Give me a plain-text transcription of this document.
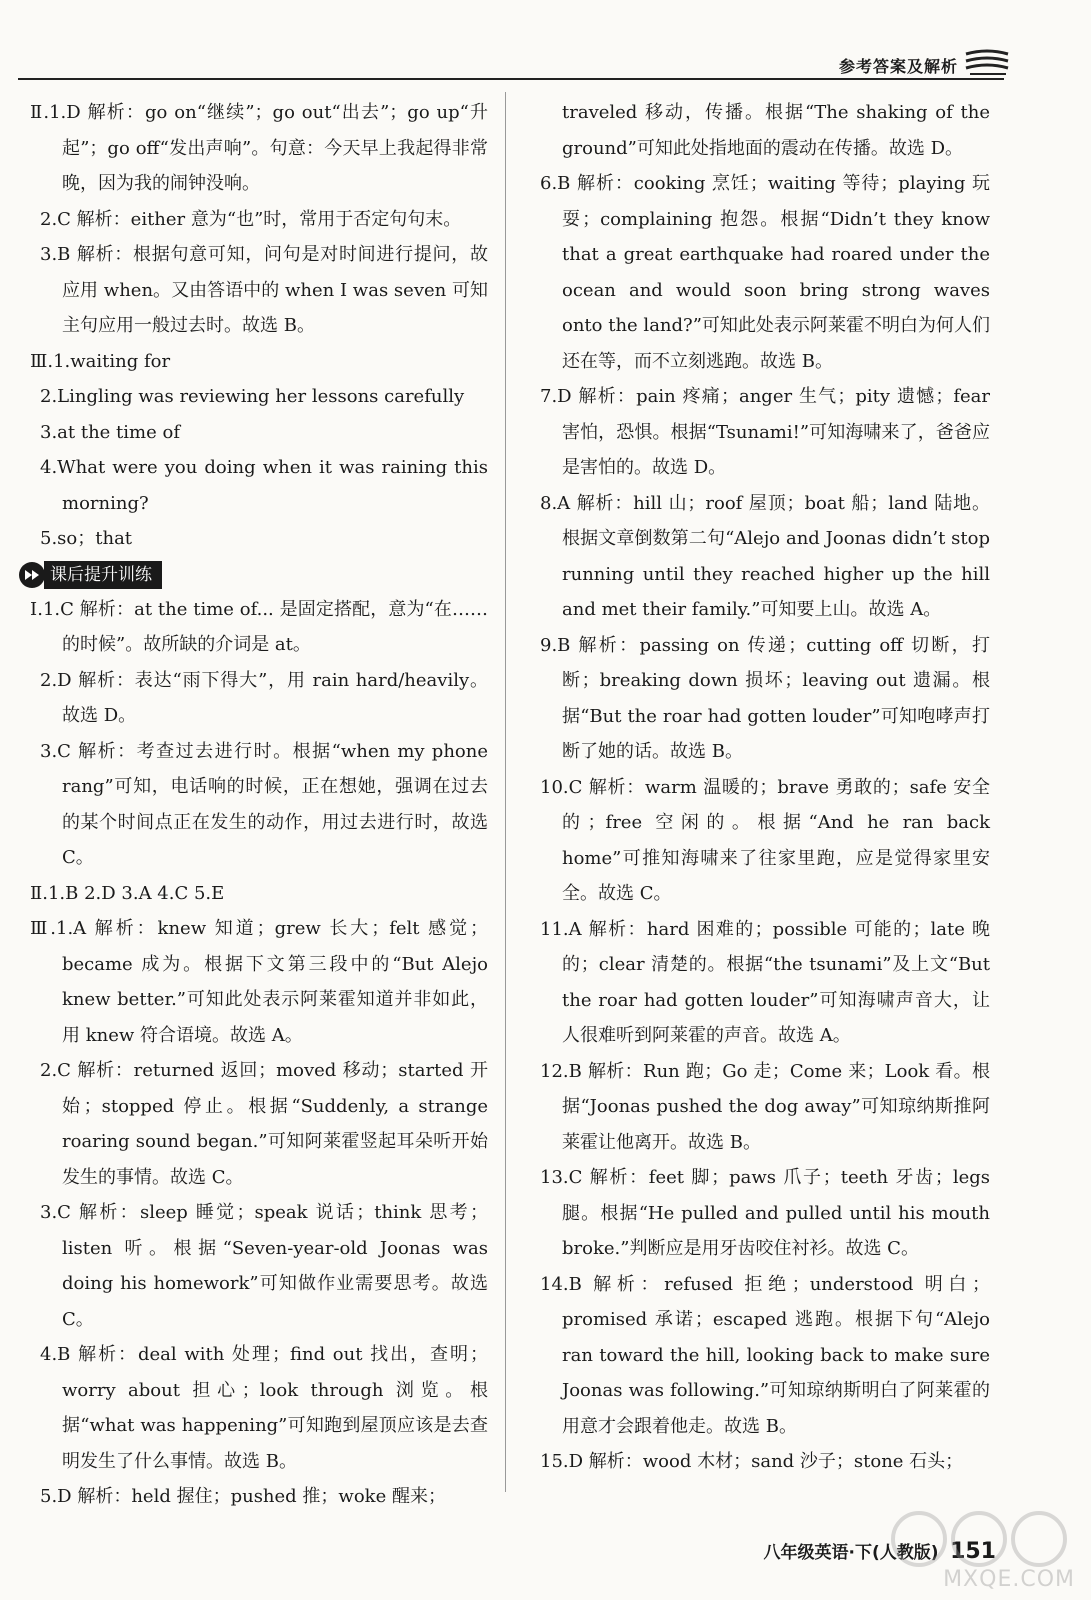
参考答案及解析

Ⅱ.1.D 解析：go on“继续”；go out“出去”；go up“升起”；go off“发出声响”。句意：今天早上我起得非常晚，因为我的闹钟没响。

2.C 解析：either 意为“也”时，常用于否定句句末。

3.B 解析：根据句意可知，问句是对时间进行提问，故应用 when。又由答语中的 when I was seven 可知主句应用一般过去时。故选 B。

Ⅲ.1.waiting for

2.Lingling was reviewing her lessons carefully

3.at the time of

4.What were you doing when it was raining this morning?

5.so；that

课后提升训练

Ⅰ.1.C 解析：at the time of... 是固定搭配，意为“在……的时候”。故所缺的介词是 at。

2.D 解析：表达“雨下得大”，用 rain hard/heavily。故选 D。

3.C 解析：考查过去进行时。根据“when my phone rang”可知，电话响的时候，正在想她，强调在过去的某个时间点正在发生的动作，用过去进行时，故选 C。

Ⅱ.1.B 2.D 3.A 4.C 5.E

Ⅲ.1.A 解析：knew 知道；grew 长大；felt 感觉；became 成为。根据下文第三段中的“But Alejo knew better.”可知此处表示阿莱霍知道并非如此，用 knew 符合语境。故选 A。

2.C 解析：returned 返回；moved 移动；started 开始；stopped 停止。根据“Suddenly, a strange roaring sound began.”可知阿莱霍竖起耳朵听开始发生的事情。故选 C。

3.C 解析：sleep 睡觉；speak 说话；think 思考；listen 听。根据“Seven-year-old Joonas was doing his homework”可知做作业需要思考。故选 C。

4.B 解析：deal with 处理；find out 找出，查明；worry about 担心；look through 浏览。根据“what was happening”可知跑到屋顶应该是去查明发生了什么事情。故选 B。

5.D 解析：held 握住；pushed 推；woke 醒来；

traveled 移动，传播。根据“The shaking of the ground”可知此处指地面的震动在传播。故选 D。

6.B 解析：cooking 烹饪；waiting 等待；playing 玩耍；complaining 抱怨。根据“Didn’t they know that a great earthquake had roared under the ocean and would soon bring strong waves onto the land?”可知此处表示阿莱霍不明白为何人们还在等，而不立刻逃跑。故选 B。

7.D 解析：pain 疼痛；anger 生气；pity 遗憾；fear 害怕，恐惧。根据“Tsunami!”可知海啸来了，爸爸应是害怕的。故选 D。

8.A 解析：hill 山；roof 屋顶；boat 船；land 陆地。根据文章倒数第二句“Alejo and Joonas didn’t stop running until they reached higher up the hill and met their family.”可知要上山。故选 A。

9.B 解析：passing on 传递；cutting off 切断，打断；breaking down 损坏；leaving out 遗漏。根据“But the roar had gotten louder”可知咆哮声打断了她的话。故选 B。

10.C 解析：warm 温暖的；brave 勇敢的；safe 安全的；free 空闲的。根据“And he ran back home”可推知海啸来了往家里跑，应是觉得家里安全。故选 C。

11.A 解析：hard 困难的；possible 可能的；late 晚的；clear 清楚的。根据“the tsunami”及上文“But the roar had gotten louder”可知海啸声音大，让人很难听到阿莱霍的声音。故选 A。

12.B 解析：Run 跑；Go 走；Come 来；Look 看。根据“Joonas pushed the dog away”可知琼纳斯推阿莱霍让他离开。故选 B。

13.C 解析：feet 脚；paws 爪子；teeth 牙齿；legs 腿。根据“He pulled and pulled until his mouth broke.”判断应是用牙齿咬住衬衫。故选 C。

14.B 解析：refused 拒绝；understood 明白；promised 承诺；escaped 逃跑。根据下句“Alejo ran toward the hill, looking back to make sure Joonas was following.”可知琼纳斯明白了阿莱霍的用意才会跟着他走。故选 B。

15.D 解析：wood 木材；sand 沙子；stone 石头；

八年级英语·下(人教版) 151
MXQE.COM
